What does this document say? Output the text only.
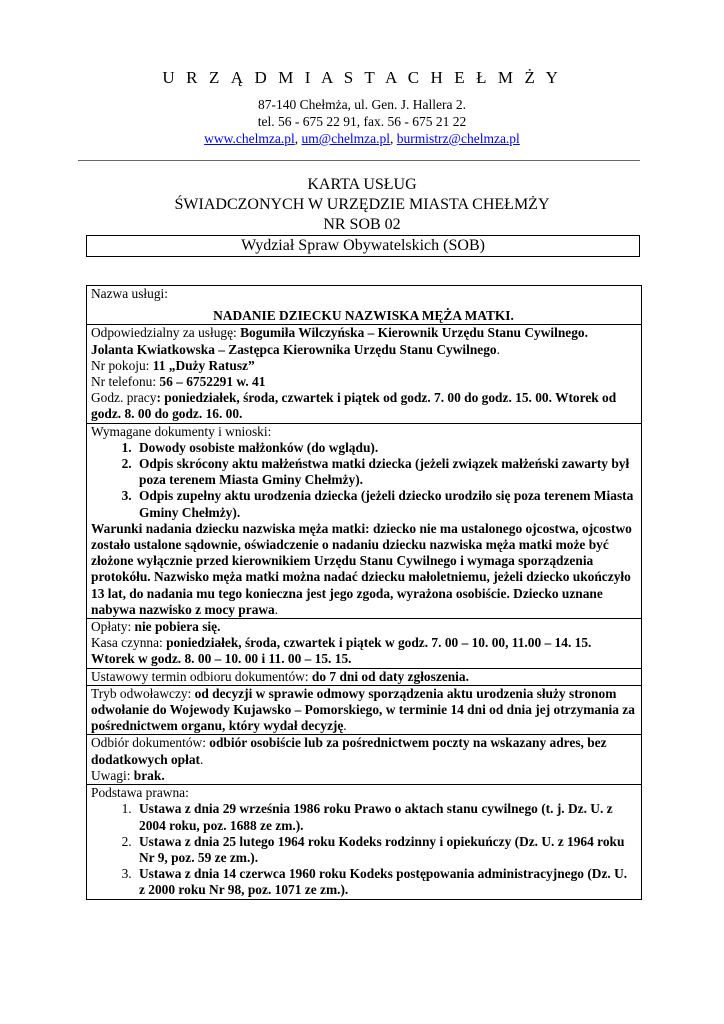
U R Z Ą D M I A S T A C H E Ł M Ż Y
87-140 Chełmża, ul. Gen. J. Hallera 2.
tel. 56 - 675 22 91, fax. 56 - 675 21 22
www.chelmza.pl, um@chelmza.pl, burmistrz@chelmza.pl
KARTA USŁUG
ŚWIADCZONYCH W URZĘDZIE MIASTA CHEŁMŻY
NR SOB 02
Wydział Spraw Obywatelskich (SOB)
Nazwa usługi:
NADANIE DZIECKU NAZWISKA MĘŻA MATKI.
Odpowiedzialny za usługę: Bogumiła Wilczyńska – Kierownik Urzędu Stanu Cywilnego.
Jolanta Kwiatkowska – Zastępca Kierownika Urzędu Stanu Cywilnego.
Nr pokoju: 11 „Duży Ratusz”
Nr telefonu: 56 – 6752291 w. 41
Godz. pracy: poniedziałek, środa, czwartek i piątek od godz. 7. 00 do godz. 15. 00. Wtorek od godz. 8. 00 do godz. 16. 00.
Wymagane dokumenty i wnioski:
1. Dowody osobiste małżonków (do wglądu).
2. Odpis skrócony aktu małżeństwa matki dziecka (jeżeli związek małżeński zawarty był poza terenem Miasta Gminy Chełmży).
3. Odpis zupełny aktu urodzenia dziecka (jeżeli dziecko urodziło się poza terenem Miasta Gminy Chełmży).
Warunki nadania dziecku nazwiska męża matki: dziecko nie ma ustalonego ojcostwa, ojcostwo zostało ustalone sądownie, oświadczenie o nadaniu dziecku nazwiska męża matki może być złożone wyłącznie przed kierownikiem Urzędu Stanu Cywilnego i wymaga sporządzenia protokółu. Nazwisko męża matki można nadać dziecku małoletniemu, jeżeli dziecko ukończyło 13 lat, do nadania mu tego konieczna jest jego zgoda, wyrażona osobiście. Dziecko uznane nabywa nazwisko z mocy prawa.
Opłaty: nie pobiera się.
Kasa czynna: poniedziałek, środa, czwartek i piątek w godz. 7. 00 – 10. 00, 11.00 – 14. 15. Wtorek w godz. 8. 00 – 10. 00 i 11. 00 – 15. 15.
Ustawowy termin odbioru dokumentów: do 7 dni od daty zgłoszenia.
Tryb odwoławczy: od decyzji w sprawie odmowy sporządzenia aktu urodzenia służy stronom odwołanie do Wojewody Kujawsko – Pomorskiego, w terminie 14 dni od dnia jej otrzymania za pośrednictwem organu, który wydał decyzję.
Odbiór dokumentów: odbiór osobiście lub za pośrednictwem poczty na wskazany adres, bez dodatkowych opłat.
Uwagi: brak.
Podstawa prawna:
1. Ustawa z dnia 29 września 1986 roku Prawo o aktach stanu cywilnego (t. j. Dz. U. z 2004 roku, poz. 1688 ze zm.).
2. Ustawa z dnia 25 lutego 1964 roku Kodeks rodzinny i opiekuńczy (Dz. U. z 1964 roku Nr 9, poz. 59 ze zm.).
3. Ustawa z dnia 14 czerwca 1960 roku Kodeks postępowania administracyjnego (Dz. U. z 2000 roku Nr 98, poz. 1071 ze zm.).
